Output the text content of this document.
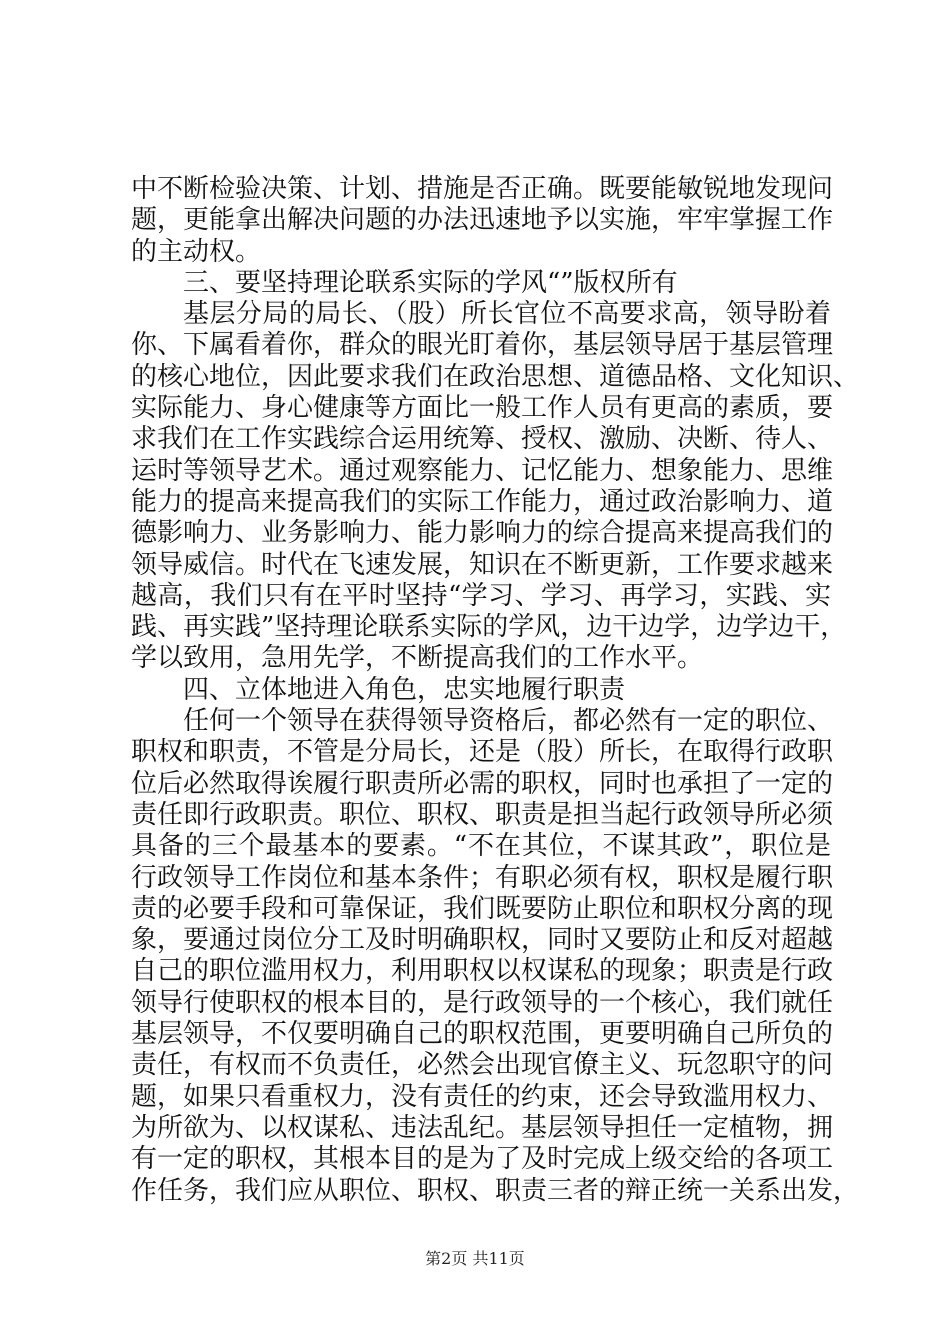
中不断检验决策、计划、措施是否正确。既要能敏锐地发现问
题，更能拿出解决问题的办法迅速地予以实施，牢牢掌握工作
的主动权。
三、要坚持理论联系实际的学风“”版权所有
基层分局的局长、（股）所长官位不高要求高，领导盼着
你、下属看着你，群众的眼光盯着你，基层领导居于基层管理
的核心地位，因此要求我们在政治思想、道德品格、文化知识、
实际能力、身心健康等方面比一般工作人员有更高的素质，要
求我们在工作实践综合运用统筹、授权、激励、决断、待人、
运时等领导艺术。通过观察能力、记忆能力、想象能力、思维
能力的提高来提高我们的实际工作能力，通过政治影响力、道
德影响力、业务影响力、能力影响力的综合提高来提高我们的
领导威信。时代在飞速发展，知识在不断更新，工作要求越来
越高，我们只有在平时坚持“学习、学习、再学习，实践、实
践、再实践”坚持理论联系实际的学风，边干边学，边学边干，
学以致用，急用先学，不断提高我们的工作水平。
四、立体地进入角色，忠实地履行职责
任何一个领导在获得领导资格后，都必然有一定的职位、
职权和职责，不管是分局长，还是（股）所长，在取得行政职
位后必然取得诶履行职责所必需的职权，同时也承担了一定的
责任即行政职责。职位、职权、职责是担当起行政领导所必须
具备的三个最基本的要素。“不在其位，不谋其政”，职位是
行政领导工作岗位和基本条件；有职必须有权，职权是履行职
责的必要手段和可靠保证，我们既要防止职位和职权分离的现
象，要通过岗位分工及时明确职权，同时又要防止和反对超越
自己的职位滥用权力，利用职权以权谋私的现象；职责是行政
领导行使职权的根本目的，是行政领导的一个核心，我们就任
基层领导，不仅要明确自己的职权范围，更要明确自己所负的
责任，有权而不负责任，必然会出现官僚主义、玩忽职守的问
题，如果只看重权力，没有责任的约束，还会导致滥用权力、
为所欲为、以权谋私、违法乱纪。基层领导担任一定植物，拥
有一定的职权，其根本目的是为了及时完成上级交给的各项工
作任务，我们应从职位、职权、职责三者的辩正统一关系出发，
第2页 共11页
